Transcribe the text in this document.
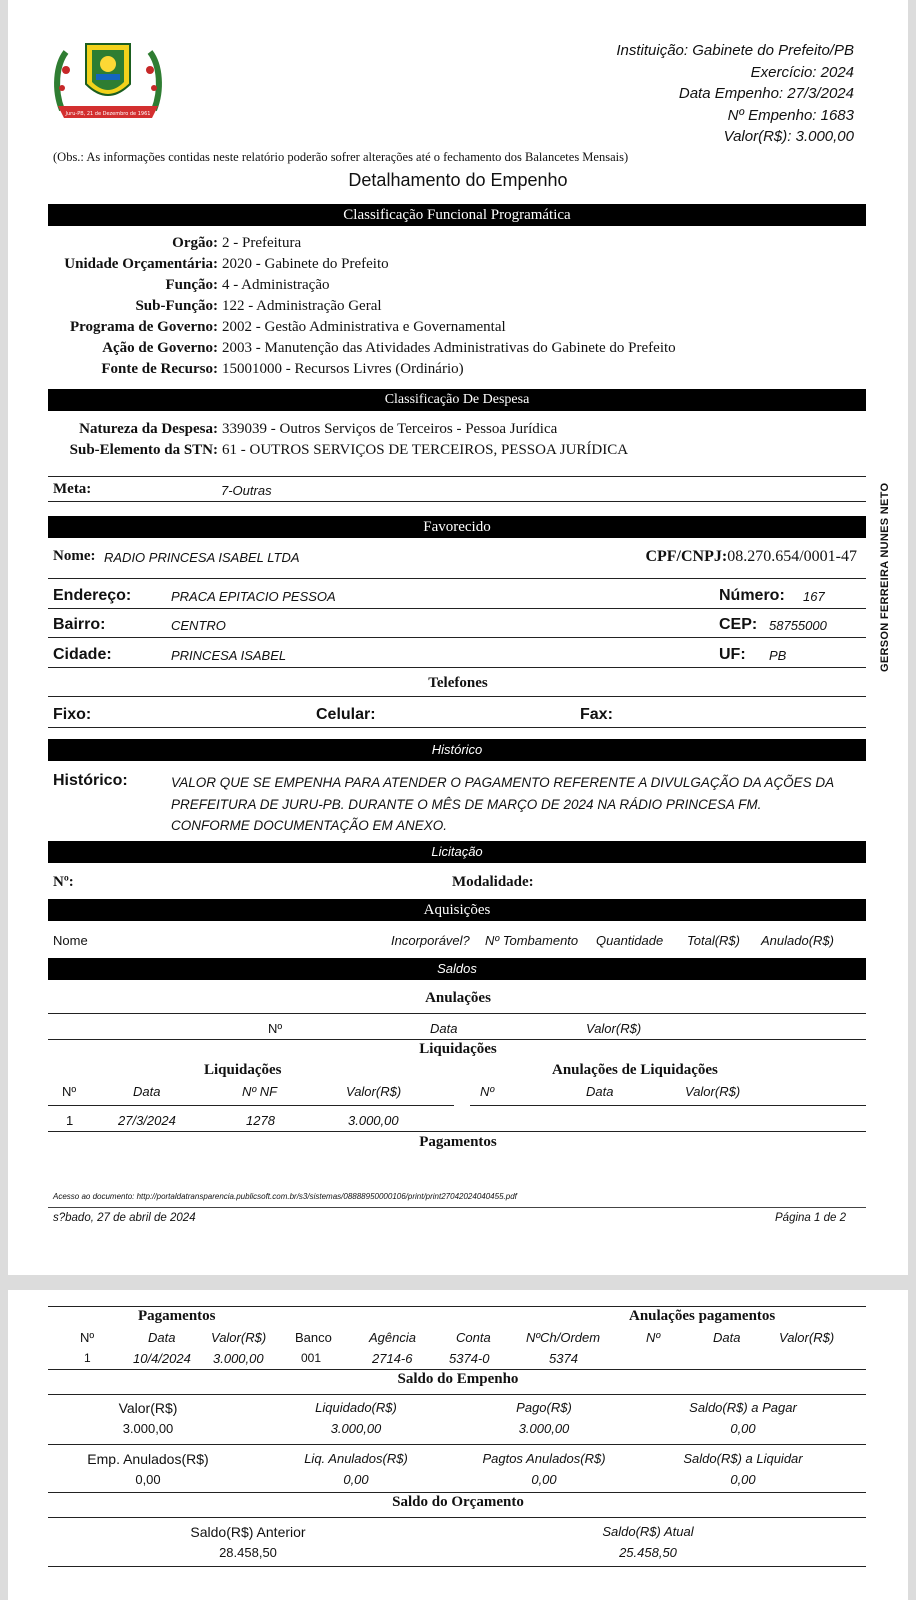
Juru-PB, 21 de Dezembro de 1961
Instituição: Gabinete do Prefeito/PB
Exercício: 2024
Data Empenho: 27/3/2024
Nº Empenho: 1683
Valor(R$): 3.000,00
(Obs.: As informações contidas neste relatório poderão sofrer alterações até o fechamento dos Balancetes Mensais)
Detalhamento do Empenho
Classificação Funcional Programática
Orgão: 2 - Prefeitura
Unidade Orçamentária: 2020 - Gabinete do Prefeito
Função: 4 - Administração
Sub-Função: 122 - Administração Geral
Programa de Governo: 2002 - Gestão Administrativa e Governamental
Ação de Governo: 2003 - Manutenção das Atividades Administrativas do Gabinete do Prefeito
Fonte de Recurso: 15001000 - Recursos Livres (Ordinário)
Classificação De Despesa
Natureza da Despesa: 339039 - Outros Serviços de Terceiros - Pessoa Jurídica
Sub-Elemento da STN: 61 - OUTROS SERVIÇOS DE TERCEIROS, PESSOA JURÍDICA
Meta:	7-Outras
Favorecido
Nome: RADIO PRINCESA ISABEL LTDA	CPF/CNPJ:08.270.654/0001-47
Endereço:	PRACA EPITACIO PESSOA	Número: 167
Bairro:	CENTRO	CEP: 58755000
Cidade:	PRINCESA ISABEL	UF: PB
Telefones
Fixo:	Celular:	Fax:
Histórico
Histórico:	VALOR QUE SE EMPENHA PARA ATENDER O PAGAMENTO REFERENTE A DIVULGAÇÃO DA AÇÕES DA
PREFEITURA DE JURU-PB. DURANTE O MÊS DE MARÇO DE 2024 NA RÁDIO PRINCESA FM.
CONFORME DOCUMENTAÇÃO EM ANEXO.
Licitação
Nº:	Modalidade:
Aquisições
Nome	Incorporável? Nº Tombamento Quantidade Total(R$) Anulado(R$)
Saldos
Anulações
Nº	Data	Valor(R$)
Liquidações
Liquidações	Anulações de Liquidações
Nº	Data	Nº NF	Valor(R$)	Nº	Data	Valor(R$)
1	27/3/2024	1278	3.000,00
Pagamentos
Acesso ao documento: http://portaldatransparencia.publicsoft.com.br/s3/sistemas/08888950000106/print/print27042024040455.pdf
s?bado, 27 de abril de 2024	Página 1 de 2
GERSON FERREIRA NUNES NETO
Pagamentos	Anulações pagamentos
Nº	Data	Valor(R$) Banco	Agência	Conta	NºCh/Ordem	Nº	Data	Valor(R$)
1	10/4/2024 3.000,00	001	2714-6	5374-0	5374
Saldo do Empenho
Valor(R$)	Liquidado(R$)	Pago(R$)	Saldo(R$) a Pagar
3.000,00	3.000,00	3.000,00	0,00
Emp. Anulados(R$)	Liq. Anulados(R$)	Pagtos Anulados(R$)	Saldo(R$) a Liquidar
0,00	0,00	0,00	0,00
Saldo do Orçamento
Saldo(R$) Anterior	Saldo(R$) Atual
28.458,50	25.458,50
